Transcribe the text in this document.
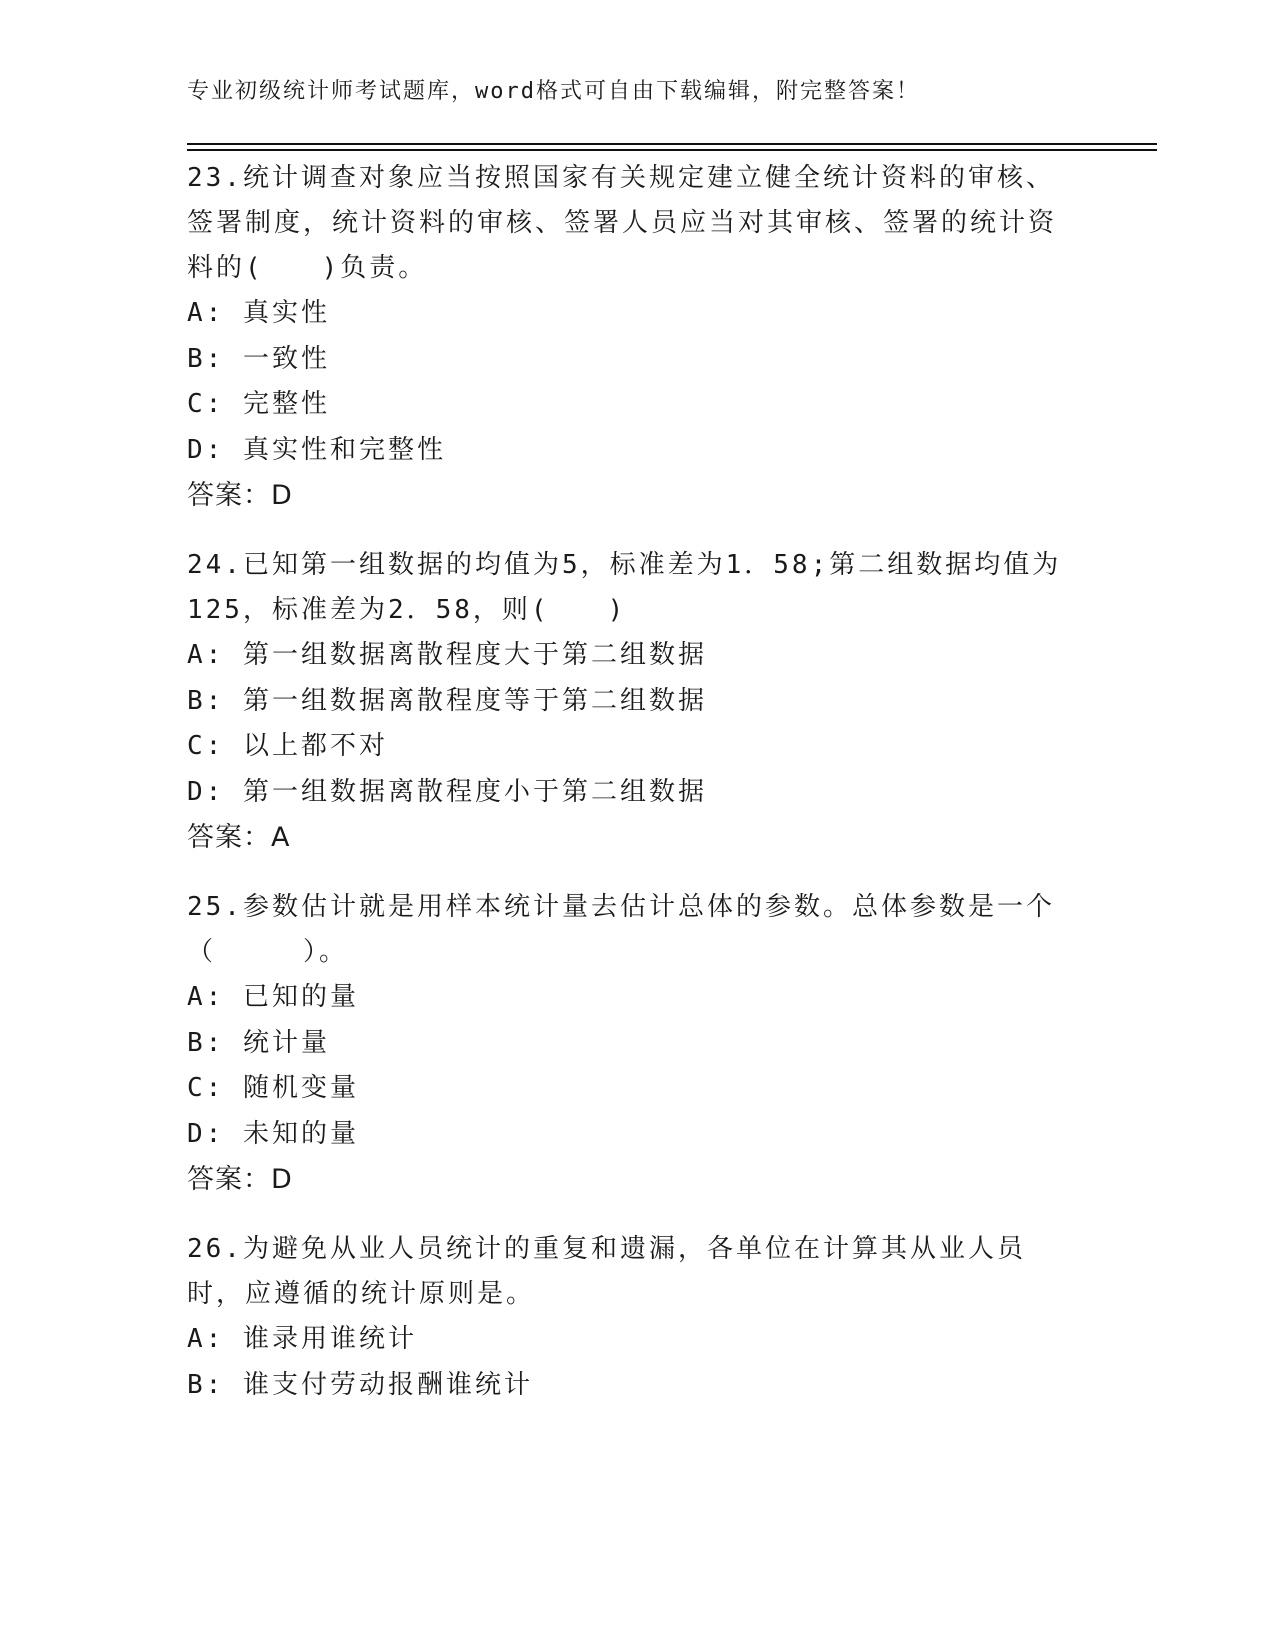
专业初级统计师考试题库，word格式可自由下载编辑，附完整答案！

23.统计调查对象应当按照国家有关规定建立健全统计资料的审核、签署制度，统计资料的审核、签署人员应当对其审核、签署的统计资料的(　　)负责。

A: 真实性
B: 一致性
C: 完整性
D: 真实性和完整性
答案：D

24.已知第一组数据的均值为5，标准差为1．58;第二组数据均值为125，标准差为2．58，则(　　)

A: 第一组数据离散程度大于第二组数据
B: 第一组数据离散程度等于第二组数据
C: 以上都不对
D: 第一组数据离散程度小于第二组数据
答案：A

25.参数估计就是用样本统计量去估计总体的参数。总体参数是一个（　　　）。

A: 已知的量
B: 统计量
C: 随机变量
D: 未知的量
答案：D

26.为避免从业人员统计的重复和遗漏，各单位在计算其从业人员时，应遵循的统计原则是。

A: 谁录用谁统计
B: 谁支付劳动报酬谁统计
